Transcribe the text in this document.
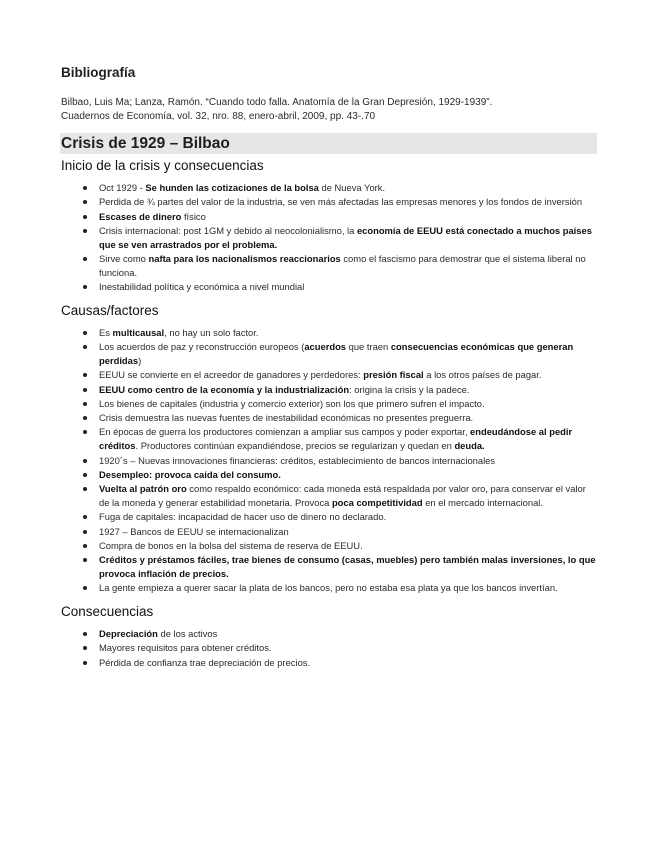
Bibliografía
Bilbao, Luis Ma; Lanza, Ramón. “Cuando todo falla. Anatomía de la Gran Depresión, 1929-1939”.
Cuadernos de Economía, vol. 32, nro. 88, enero-abril, 2009, pp. 43-.70
Crisis de 1929 – Bilbao
Inicio de la crisis y consecuencias
Oct 1929 - Se hunden las cotizaciones de la bolsa de Nueva York.
Perdida de ¾ partes del valor de la industria, se ven más afectadas las empresas menores y los fondos de inversión
Escases de dinero físico
Crisis internacional: post 1GM y debido al neocolonialismo, la economía de EEUU está conectado a muchos países que se ven arrastrados por el problema.
Sirve como nafta para los nacionalismos reaccionarios como el fascismo para demostrar que el sistema liberal no funciona.
Inestabilidad política y económica a nivel mundial
Causas/factores
Es multicausal, no hay un solo factor.
Los acuerdos de paz y reconstrucción europeos (acuerdos que traen consecuencias económicas que generan perdidas)
EEUU se convierte en el acreedor de ganadores y perdedores: presión fiscal a los otros países de pagar.
EEUU como centro de la economía y la industrialización: origina la crisis y la padece.
Los bienes de capitales (industria y comercio exterior) son los que primero sufren el impacto.
Crisis demuestra las nuevas fuentes de inestabilidad económicas no presentes preguerra.
En épocas de guerra los productores comienzan a ampliar sus campos y poder exportar, endeudándose al pedir créditos. Productores continúan expandiéndose, precios se regularizan y quedan en deuda.
1920´s – Nuevas innovaciones financieras: créditos, establecimiento de bancos internacionales
Desempleo: provoca caída del consumo.
Vuelta al patrón oro como respaldo económico: cada moneda está respaldada por valor oro, para conservar el valor de la moneda y generar estabilidad monetaria. Provoca poca competitividad en el mercado internacional.
Fuga de capitales: incapacidad de hacer uso de dinero no declarado.
1927 – Bancos de EEUU se internacionalizan
Compra de bonos en la bolsa del sistema de reserva de EEUU.
Créditos y préstamos fáciles, trae bienes de consumo (casas, muebles) pero también malas inversiones, lo que provoca inflación de precios.
La gente empieza a querer sacar la plata de los bancos, pero no estaba esa plata ya que los bancos invertían.
Consecuencias
Depreciación de los activos
Mayores requisitos para obtener créditos.
Pérdida de confianza trae depreciación de precios.
